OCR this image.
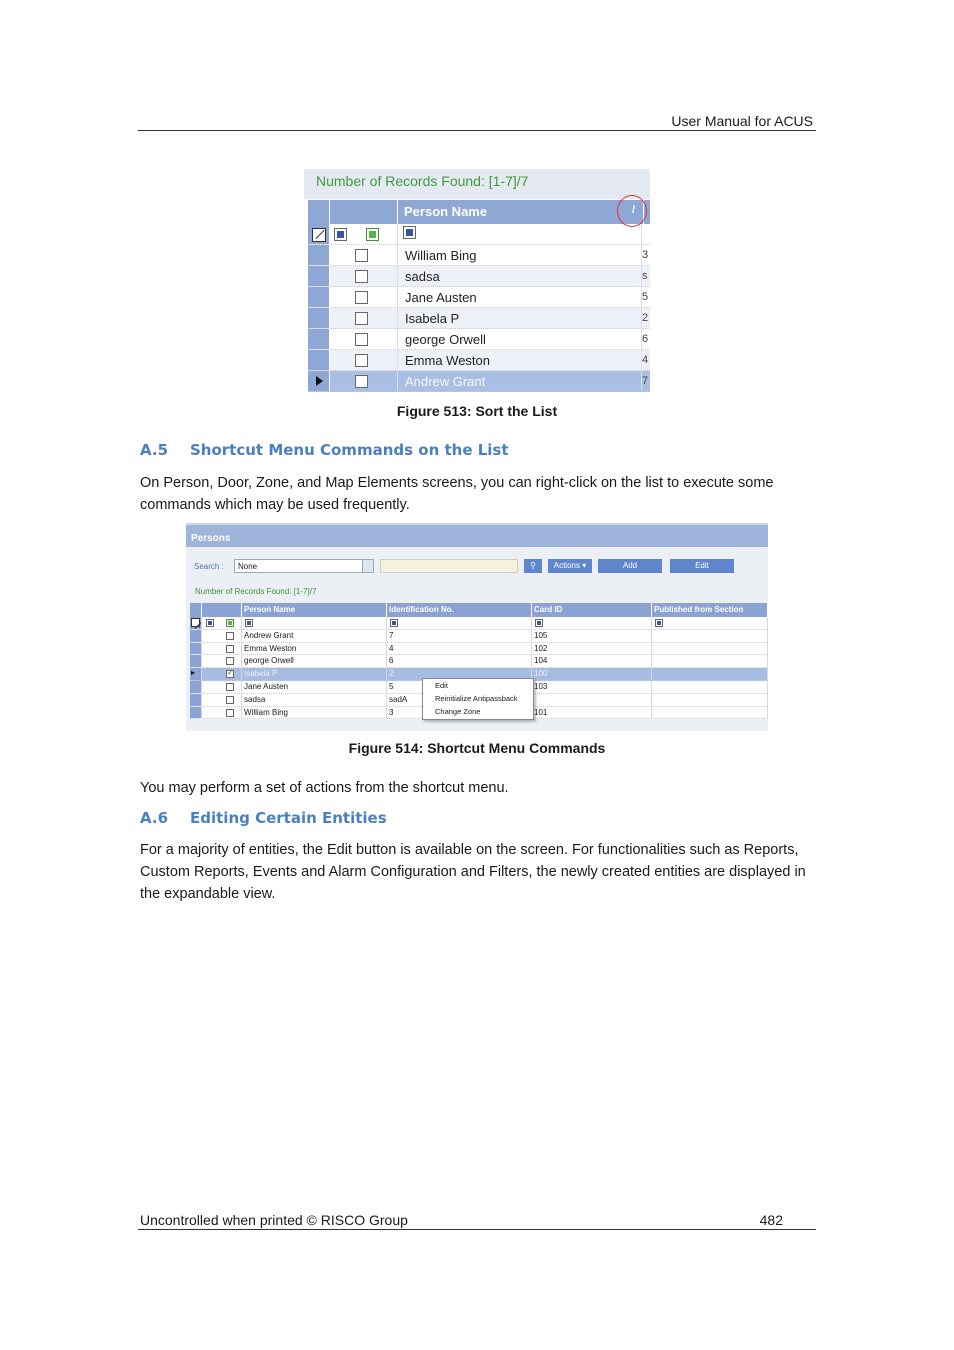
User Manual for ACUS
Number of Records Found: [1-7]/7
Person Name	/
William Bing	3
sadsa	s
Jane Austen	5
Isabela P	2
george Orwell	6
Emma Weston	4
Andrew Grant	7
Figure 513: Sort the List
A.5 Shortcut Menu Commands on the List
On Person, Door, Zone, and Map Elements screens, you can right-click on the list to execute some commands which may be used frequently.
Persons
Search :	None	⚲	Actions ▾	Add	Edit
Number of Records Found: [1-7]/7
Person Name	Identification No.	Card ID	Published from Section
Andrew Grant	7	105
Emma Weston	4	102
george Orwell	6	104
▸ ✓	Isabela P	2	100
Jane Austen	5	103
sadsa	sadA
William Bing	3	101
Edit
Reinitialize Antipassback
Change Zone
Figure 514: Shortcut Menu Commands
You may perform a set of actions from the shortcut menu.
A.6 Editing Certain Entities
For a majority of entities, the Edit button is available on the screen. For functionalities such as Reports, Custom Reports, Events and Alarm Configuration and Filters, the newly created entities are displayed in the expandable view.
Uncontrolled when printed © RISCO Group	482
